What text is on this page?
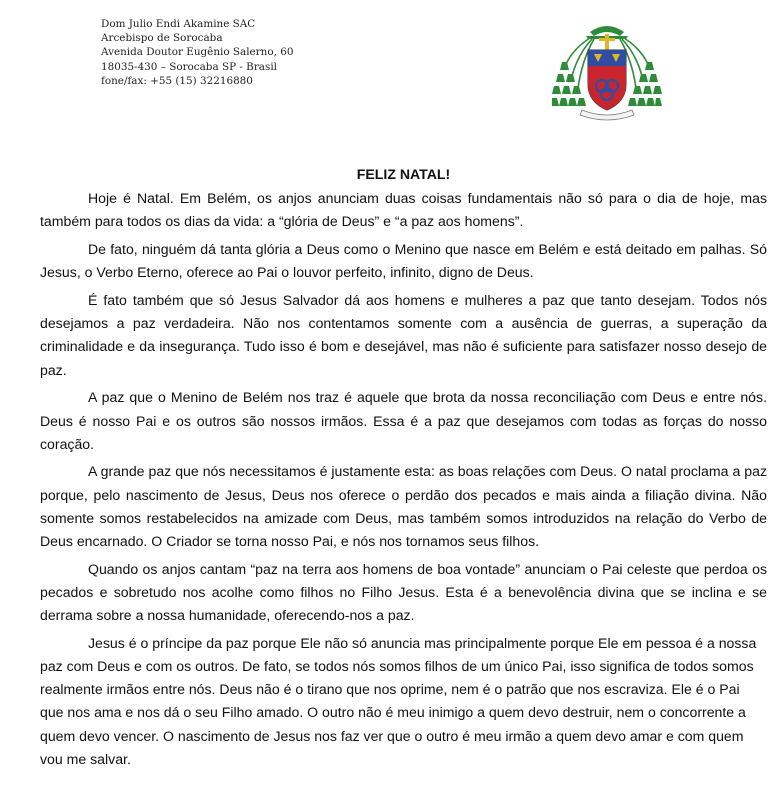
Dom Julio Endi Akamine SAC
Arcebispo de Sorocaba
Avenida Doutor Eugênio Salerno, 60
18035-430 – Sorocaba SP - Brasil
fone/fax: +55 (15) 32216880
FELIZ NATAL!

Hoje é Natal. Em Belém, os anjos anunciam duas coisas fundamentais não só para o dia de hoje, mas também para todos os dias da vida: a “glória de Deus” e “a paz aos homens”.

De fato, ninguém dá tanta glória a Deus como o Menino que nasce em Belém e está deitado em palhas. Só Jesus, o Verbo Eterno, oferece ao Pai o louvor perfeito, infinito, digno de Deus.

É fato também que só Jesus Salvador dá aos homens e mulheres a paz que tanto desejam. Todos nós desejamos a paz verdadeira. Não nos contentamos somente com a ausência de guerras, a superação da criminalidade e da insegurança. Tudo isso é bom e desejável, mas não é suficiente para satisfazer nosso desejo de paz.

A paz que o Menino de Belém nos traz é aquele que brota da nossa reconciliação com Deus e entre nós. Deus é nosso Pai e os outros são nossos irmãos. Essa é a paz que desejamos com todas as forças do nosso coração.

A grande paz que nós necessitamos é justamente esta: as boas relações com Deus. O natal proclama a paz porque, pelo nascimento de Jesus, Deus nos oferece o perdão dos pecados e mais ainda a filiação divina. Não somente somos restabelecidos na amizade com Deus, mas também somos introduzidos na relação do Verbo de Deus encarnado. O Criador se torna nosso Pai, e nós nos tornamos seus filhos.

Quando os anjos cantam “paz na terra aos homens de boa vontade” anunciam o Pai celeste que perdoa os pecados e sobretudo nos acolhe como filhos no Filho Jesus. Esta é a benevolência divina que se inclina e se derrama sobre a nossa humanidade, oferecendo-nos a paz.

Jesus é o príncipe da paz porque Ele não só anuncia mas principalmente porque Ele em pessoa é a nossa paz com Deus e com os outros. De fato, se todos nós somos filhos de um único Pai, isso significa de todos somos realmente irmãos entre nós. Deus não é o tirano que nos oprime, nem é o patrão que nos escraviza. Ele é o Pai que nos ama e nos dá o seu Filho amado. O outro não é meu inimigo a quem devo destruir, nem o concorrente a quem devo vencer. O nascimento de Jesus nos faz ver que o outro é meu irmão a quem devo amar e com quem vou me salvar.
